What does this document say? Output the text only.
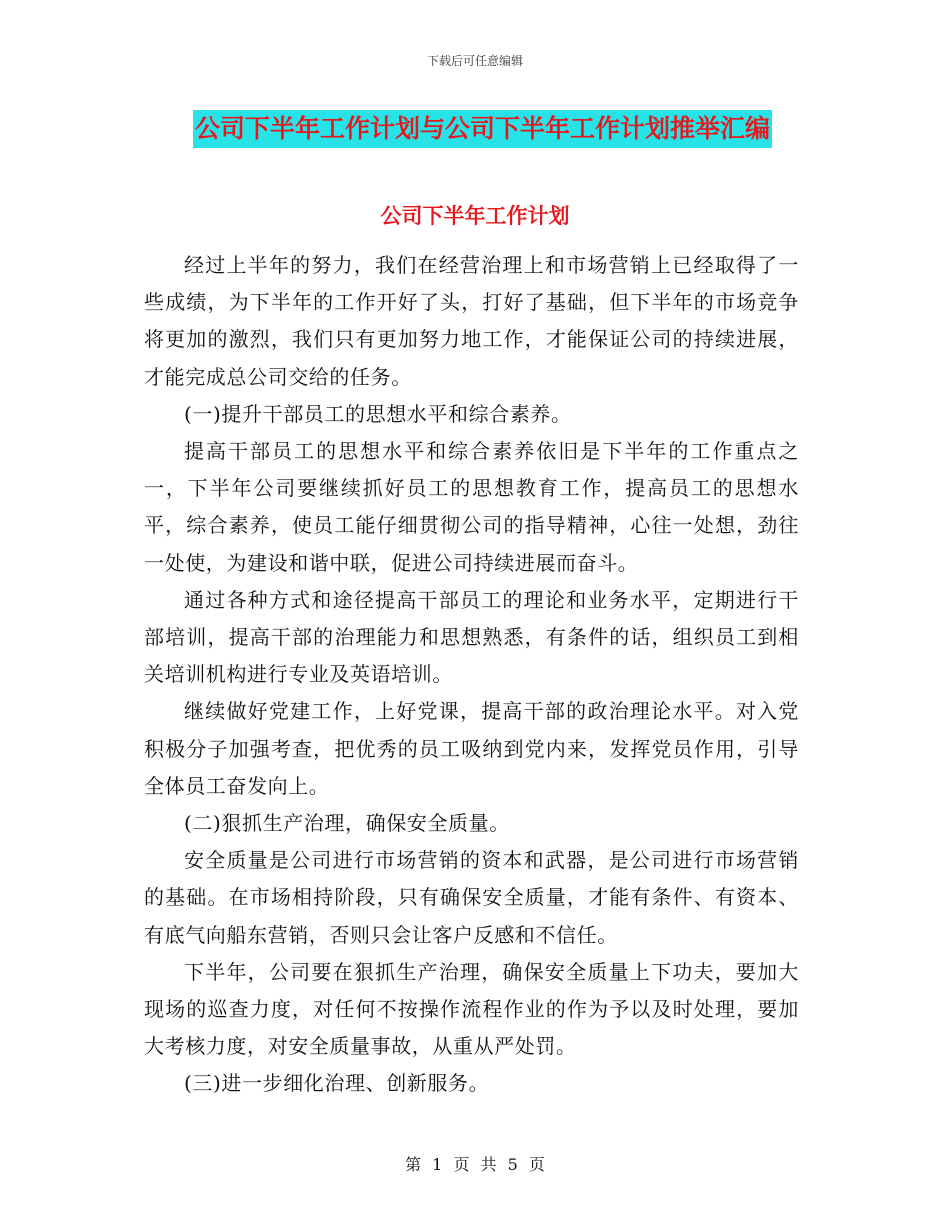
下载后可任意编辑
公司下半年工作计划与公司下半年工作计划推举汇编
公司下半年工作计划

经过上半年的努力，我们在经营治理上和市场营销上已经取得了一些成绩，为下半年的工作开好了头，打好了基础，但下半年的市场竞争将更加的激烈，我们只有更加努力地工作，才能保证公司的持续进展，才能完成总公司交给的任务。

(一)提升干部员工的思想水平和综合素养。

提高干部员工的思想水平和综合素养依旧是下半年的工作重点之一，下半年公司要继续抓好员工的思想教育工作，提高员工的思想水平，综合素养，使员工能仔细贯彻公司的指导精神，心往一处想，劲往一处使，为建设和谐中联，促进公司持续进展而奋斗。

通过各种方式和途径提高干部员工的理论和业务水平，定期进行干部培训，提高干部的治理能力和思想熟悉，有条件的话，组织员工到相关培训机构进行专业及英语培训。

继续做好党建工作，上好党课，提高干部的政治理论水平。对入党积极分子加强考查，把优秀的员工吸纳到党内来，发挥党员作用，引导全体员工奋发向上。

(二)狠抓生产治理，确保安全质量。

安全质量是公司进行市场营销的资本和武器，是公司进行市场营销的基础。在市场相持阶段，只有确保安全质量，才能有条件、有资本、有底气向船东营销，否则只会让客户反感和不信任。

下半年，公司要在狠抓生产治理，确保安全质量上下功夫，要加大现场的巡查力度，对任何不按操作流程作业的作为予以及时处理，要加大考核力度，对安全质量事故，从重从严处罚。

(三)进一步细化治理、创新服务。

第 1 页 共 5 页
